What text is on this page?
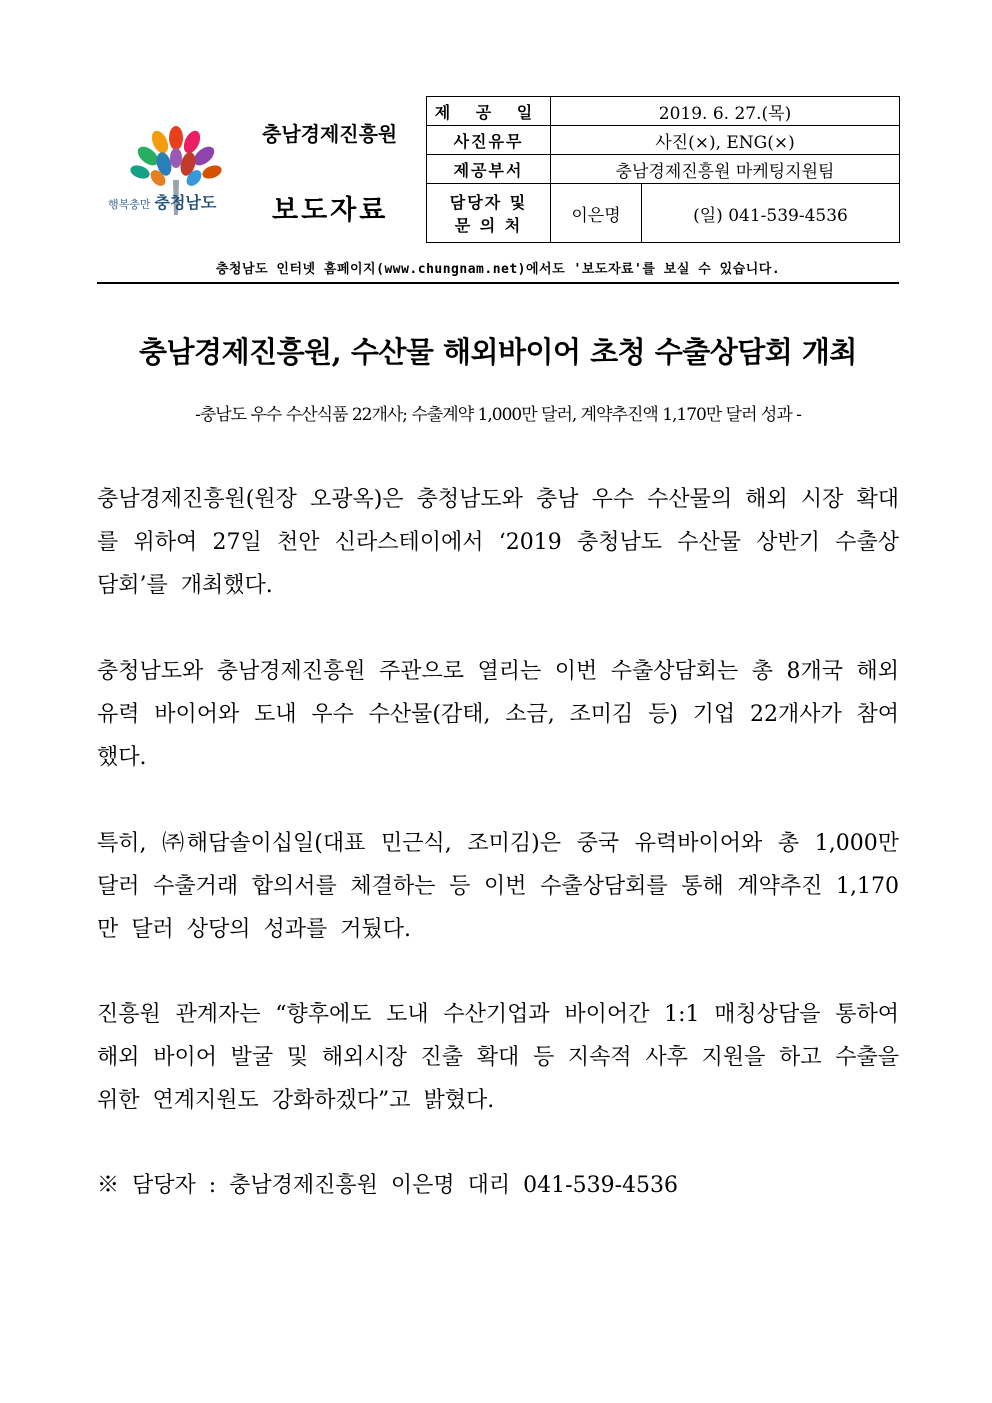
행복충만 충청남도
충남경제진흥원
보도자료
제 공 일	2019. 6. 27.(목)	
사진유무	사진(×), ENG(×)	
제공부서	충남경제진흥원 마케팅지원팀	

담당자 및
문 의 처	이은명	(일) 041-539-4536
충청남도 인터넷 홈페이지(www.chungnam.net)에서도 '보도자료'를 보실 수 있습니다.
충남경제진흥원, 수산물 해외바이어 초청 수출상담회 개최
-충남도 우수 수산식품 22개사; 수출계약 1,000만 달러, 계약추진액 1,170만 달러 성과 -
충남경제진흥원(원장 오광옥)은 충청남도와 충남 우수 수산물의 해외 시장 확대를 위하여 27일 천안 신라스테이에서 ‘2019 충청남도 수산물 상반기 수출상담회’를 개최했다.
충청남도와 충남경제진흥원 주관으로 열리는 이번 수출상담회는 총 8개국 해외 유력 바이어와 도내 우수 수산물(감태, 소금, 조미김 등) 기업 22개사가 참여했다.
특히, ㈜해담솔이십일(대표 민근식, 조미김)은 중국 유력바이어와 총 1,000만 달러 수출거래 합의서를 체결하는 등 이번 수출상담회를 통해 계약추진 1,170만 달러 상당의 성과를 거뒀다.
진흥원 관계자는 “향후에도 도내 수산기업과 바이어간 1:1 매칭상담을 통하여 해외 바이어 발굴 및 해외시장 진출 확대 등 지속적 사후 지원을 하고 수출을 위한 연계지원도 강화하겠다”고 밝혔다.
※ 담당자 : 충남경제진흥원 이은명 대리 041-539-4536
